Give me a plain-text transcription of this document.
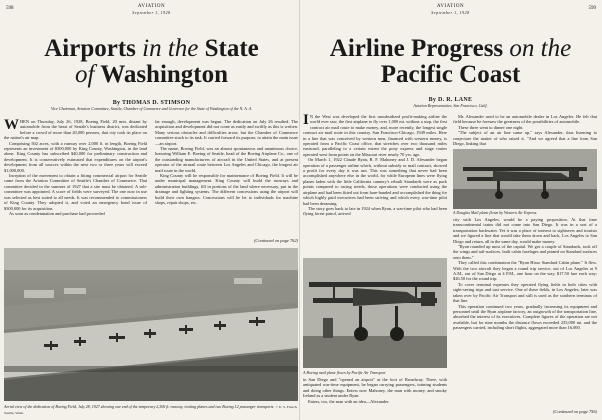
598	AVIATION
September 1, 1928
Airports in the State
of Washington
By THOMAS D. STIMSON
Vice Chairman, Aviation Committee, Seattle, Chamber of Commerce and Governor for the State of Washington of the N. A. A.

WHEN on Thursday, July 26, 1928, Boeing Field, 20 min. distant by automobile from the heart of Seattle's business district, was dedicated before a crowd of more than 20,000 persons, that city took its place on the nation's air map.

Comprising 502 acres, with a runway over 2,000 ft. in length, Boeing Field represents an investment of $300,000 by King County, Washington, in the land alone. King County has subscribed $40,000 for preliminary construction and development. It is conservatively estimated that expenditures on the airport's development from all sources within the next two or three years will exceed $1,000,000.

Inception of the movement to obtain a fitting commercial airport for Seattle came from the Aviation Committee of Seattle's Chamber of Commerce. That committee decided in the summer of 1927 that a site must be obtained. A sub-committee was appointed. A score of fields were surveyed. The one now in use was selected as best suited to all needs. It was recommended to commissioners of King County. They adopted it, and voted an emergency bond issue of $300,000 for its acquisition.

As soon as condemnation and purchase had proceeded

far enough, development was begun. The dedication on July 26 resulted. The acquisition and development did not come as easily and swiftly as this is written. Many serious obstacles and difficulties arose, but the Chamber of Commerce committee stuck to its task. It carried forward its purpose, to attain the main issue—an airport.

The name, Boeing Field, was an almost spontaneous and unanimous choice, honoring William E. Boeing of Seattle, head of the Boeing Airplane Co., one of the outstanding manufacturers of aircraft in the United States, and at present operator of the airmail route between Los Angeles and Chicago, the longest air mail route in the world.

King County will be responsible for maintenance of Boeing Field. It will be under municipal management. King County will build the runways and administration buildings, fill in portions of the land where necessary, put in the drainage and lighting systems. The different concessions using the airport will build their own hangars. Concessions will be let to individuals for machine shops, repair shops, etc.

(Continued on page 762)
Aerial view of the dedication of Boeing Field, July 28, 1927 showing one end of the temporary 2,300 ft. runway, visiting planes and two Boeing 12 passenger transports. © U. S. French, Seattle, Wash.
599
AVIATION
September 1, 1928
Airline Progress on the
Pacific Coast
By D. R. LANE
Aviation Representative, San Francisco, Calif.

I N the West was developed the first unsubsidized profit-making airline the world ever saw, the first airplane to fly over 1,000 mi. without a stop, the first contract air mail route to make money, and, more recently, the longest single contract air mail route in this country. San Francisco-Chicago, 1949 miles. Here in a line that was conceived by western men, financed with western money, is operated from a Pacific Coast office, that stretches over two thousand miles eastward, paralleling to a certain extent the pony express and stage routes operated west from points on the Missouri river nearly 70 yrs. ago.

On March 1, 1922 Claude Ryan, B. F. Mahoney and J. D. Alexander began operation of a passenger airline which, without subsidy or mail contract, showed a profit for every day it was run. This was something that never had been accomplished anywhere else in the world, for while European lines were flying planes laden with the little California cannery's rebuilt Standards were as pack points compared to racing steeds, those operations were conducted using the airplane and had been fitted out from bare-handed and accomplished the thing for which highly paid executives had been striving and which every war-time pilot had been dreaming.

The story goes back to late in 1924 when Ryan, a war-time pilot who had been flying forest patrol, arrived

Mr. Alexander used to be an automobile dealer in Los Angeles. He felt that field because he foresaw the greatness of the possibilities of automobile.

These three went to dinner one night.

"The subject of an air line came up," says Alexander, thus listening to conjecture the matter of who raised it. "And we agreed that a line from San Diego, linking that

A Douglas Mail plane flown by Western Air Express.

city with Los Angeles, would be a paying proposition. At that time transcontinental trains did not come into San Diego. It was in a sort of a transportation backwater. Yet it was a place of interest to sightseers and tourists and we figured a line that would take them down and back, Los Angeles to San Diego and return, all in the same day, would make money.

"Ryan rounded up most of the capital. We got a couple of Standards, took off the wings and tail-surfaces, built cabin fuselages and pinned on Standard surfaces onto them."

They called this combination the "Ryan Hisso Standard Cabin plane." It flew. With the two aircraft they began a round trip service, out of Los Angeles at 9 A.M., out of San Diego at 4 P.M., one hour on the way, $17.50 fare each way; $26.50 for the round trip.

To cover terminal expenses they operated flying fields in both cities with sight-seeing trips and taxi service. One of these fields, in Los Angeles, later was taken over by Pacific Air Transport and still is used as the southern terminus of that line.

This operation continued two years, gradually increasing its equipment and personnel until the Ryan airplane factory, an outgrowth of the transportation line, absorbed the interest of its executives. Complete figures of the operation are not available, but for nine months the distance flown exceeded 235,000 mi. and the passengers carried, including short flights, aggregated more than 16,000.

(Continued on page 756)
A Boeing mail plane flown by Pacific Air Transport

in San Diego and "opened an airport" at the foot of Broadway. There, with antiquated war-time equipment, he began carrying passengers, training students and doing other things. Enters now Mahoney, the man with money, and smoky Ireland as a student under Ryan.

Enters, too, the man with an idea—Alexander.
